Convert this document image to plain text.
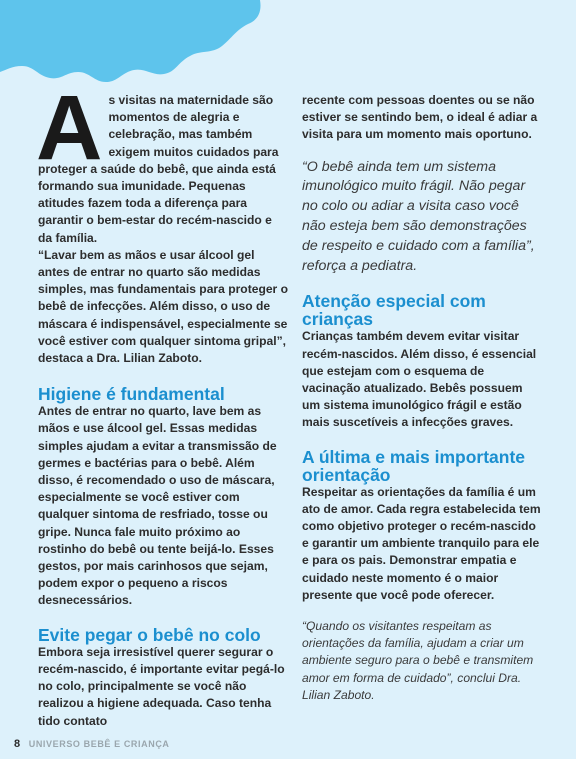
As visitas na maternidade são momentos de alegria e celebração, mas também exigem muitos cuidados para proteger a saúde do bebê, que ainda está formando sua imunidade. Pequenas atitudes fazem toda a diferença para garantir o bem-estar do recém-nascido e da família.

“Lavar bem as mãos e usar álcool gel antes de entrar no quarto são medidas simples, mas fundamentais para proteger o bebê de infecções. Além disso, o uso de máscara é indispensável, especialmente se você estiver com qualquer sintoma gripal”, destaca a Dra. Lilian Zaboto.

Higiene é fundamental

Antes de entrar no quarto, lave bem as mãos e use álcool gel. Essas medidas simples ajudam a evitar a transmissão de germes e bactérias para o bebê. Além disso, é recomendado o uso de máscara, especialmente se você estiver com qualquer sintoma de resfriado, tosse ou gripe. Nunca fale muito próximo ao rostinho do bebê ou tente beijá-lo. Esses gestos, por mais carinhosos que sejam, podem expor o pequeno a riscos desnecessários.

Evite pegar o bebê no colo

Embora seja irresistível querer segurar o recém-nascido, é importante evitar pegá-lo no colo, principalmente se você não realizou a higiene adequada. Caso tenha tido contato

recente com pessoas doentes ou se não estiver se sentindo bem, o ideal é adiar a visita para um momento mais oportuno.

“O bebê ainda tem um sistema imunológico muito frágil. Não pegar no colo ou adiar a visita caso você não esteja bem são demonstrações de respeito e cuidado com a família”, reforça a pediatra.

Atenção especial com crianças

Crianças também devem evitar visitar recém-nascidos. Além disso, é essencial que estejam com o esquema de vacinação atualizado. Bebês possuem um sistema imunológico frágil e estão mais suscetíveis a infecções graves.

A última e mais importante orientação

Respeitar as orientações da família é um ato de amor. Cada regra estabelecida tem como objetivo proteger o recém-nascido e garantir um ambiente tranquilo para ele e para os pais. Demonstrar empatia e cuidado neste momento é o maior presente que você pode oferecer.

“Quando os visitantes respeitam as orientações da família, ajudam a criar um ambiente seguro para o bebê e transmitem amor em forma de cuidado”, conclui Dra. Lilian Zaboto.

8 UNIVERSO BEBÊ E CRIANÇA
